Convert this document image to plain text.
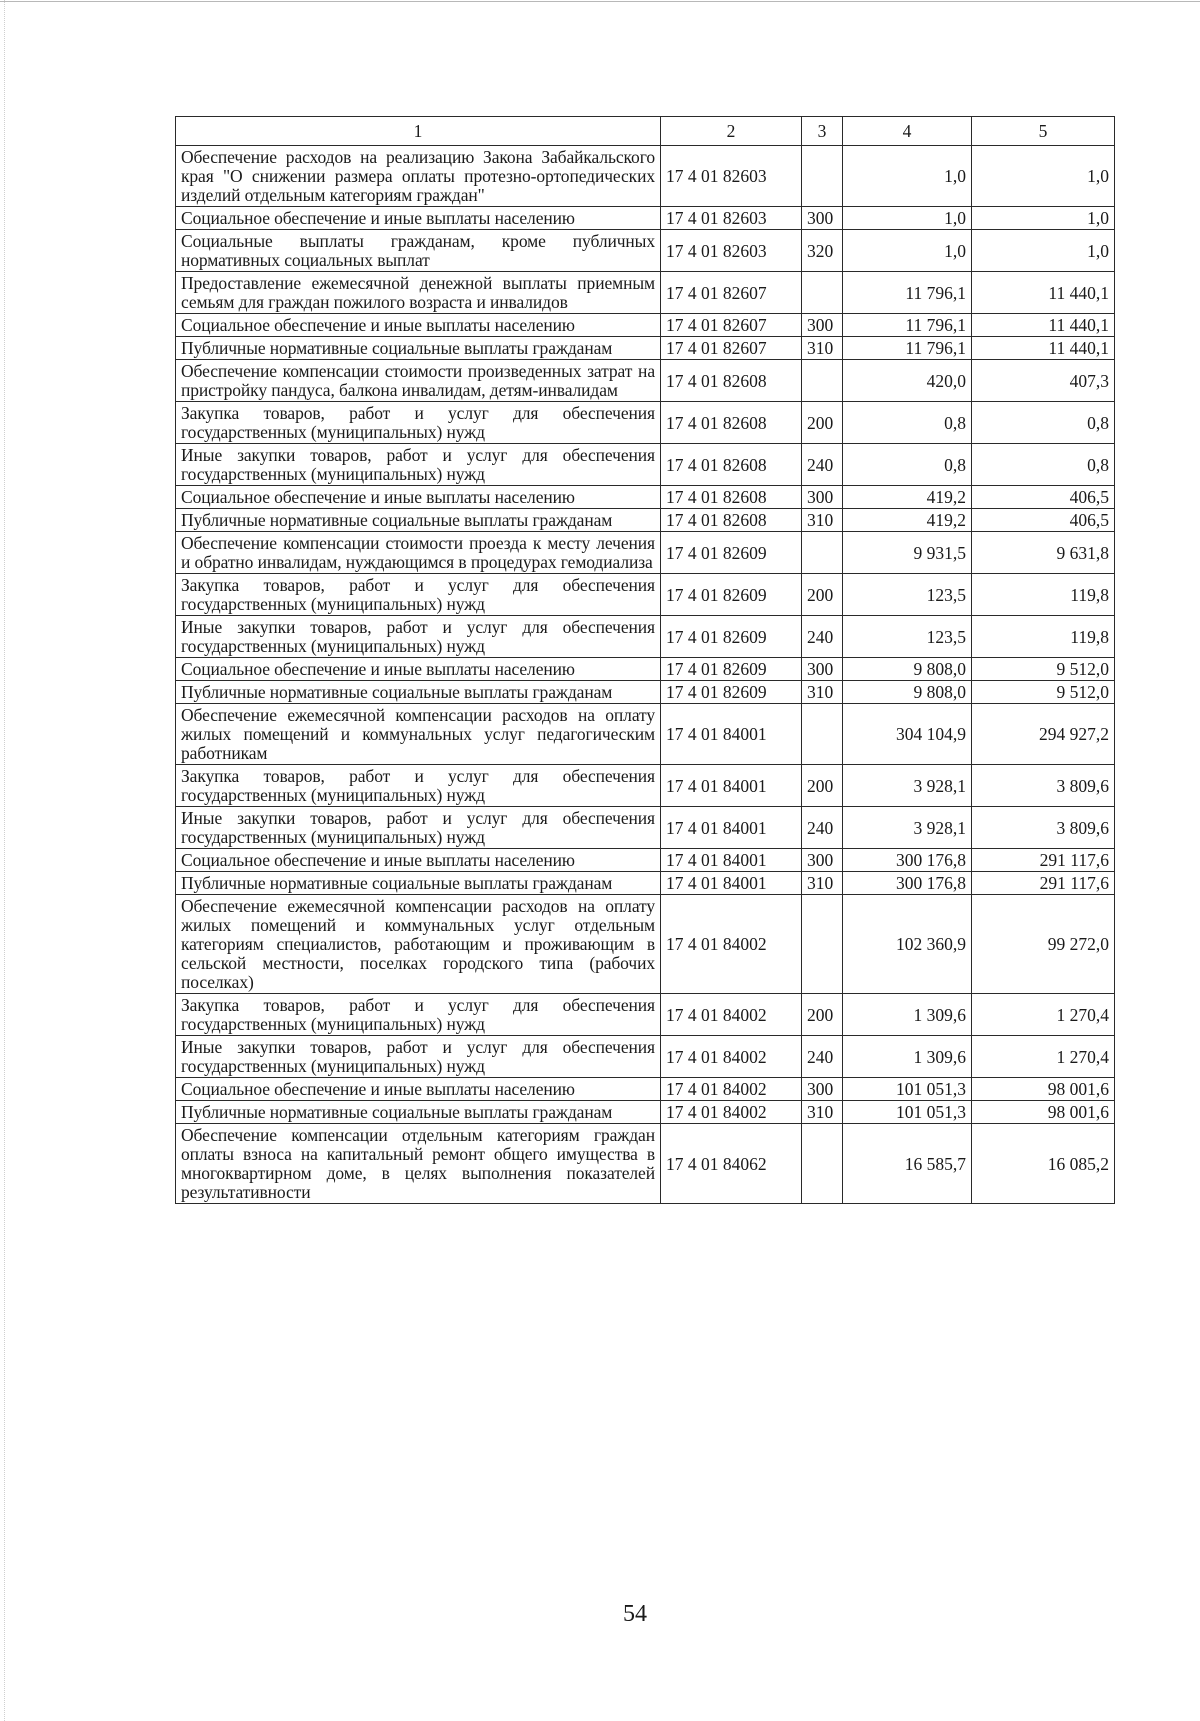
1	2	3	4	5
Обеспечение расходов на реализацию Закона Забайкальского края "О снижении размера оплаты протезно-ортопедических изделий отдельным категориям граждан"	17 4 01 82603		1,0	1,0
Социальное обеспечение и иные выплаты населению	17 4 01 82603	300	1,0	1,0
Социальные выплаты гражданам, кроме публичных нормативных социальных выплат	17 4 01 82603	320	1,0	1,0
Предоставление ежемесячной денежной выплаты приемным семьям для граждан пожилого возраста и инвалидов	17 4 01 82607		11 796,1	11 440,1
Социальное обеспечение и иные выплаты населению	17 4 01 82607	300	11 796,1	11 440,1
Публичные нормативные социальные выплаты гражданам	17 4 01 82607	310	11 796,1	11 440,1
Обеспечение компенсации стоимости произведенных затрат на пристройку пандуса, балкона инвалидам, детям-инвалидам	17 4 01 82608		420,0	407,3
Закупка товаров, работ и услуг для обеспечения государственных (муниципальных) нужд	17 4 01 82608	200	0,8	0,8
Иные закупки товаров, работ и услуг для обеспечения государственных (муниципальных) нужд	17 4 01 82608	240	0,8	0,8
Социальное обеспечение и иные выплаты населению	17 4 01 82608	300	419,2	406,5
Публичные нормативные социальные выплаты гражданам	17 4 01 82608	310	419,2	406,5
Обеспечение компенсации стоимости проезда к месту лечения и обратно инвалидам, нуждающимся в процедурах гемодиализа	17 4 01 82609		9 931,5	9 631,8
Закупка товаров, работ и услуг для обеспечения государственных (муниципальных) нужд	17 4 01 82609	200	123,5	119,8
Иные закупки товаров, работ и услуг для обеспечения государственных (муниципальных) нужд	17 4 01 82609	240	123,5	119,8
Социальное обеспечение и иные выплаты населению	17 4 01 82609	300	9 808,0	9 512,0
Публичные нормативные социальные выплаты гражданам	17 4 01 82609	310	9 808,0	9 512,0
Обеспечение ежемесячной компенсации расходов на оплату жилых помещений и коммунальных услуг педагогическим работникам	17 4 01 84001		304 104,9	294 927,2
Закупка товаров, работ и услуг для обеспечения государственных (муниципальных) нужд	17 4 01 84001	200	3 928,1	3 809,6
Иные закупки товаров, работ и услуг для обеспечения государственных (муниципальных) нужд	17 4 01 84001	240	3 928,1	3 809,6
Социальное обеспечение и иные выплаты населению	17 4 01 84001	300	300 176,8	291 117,6
Публичные нормативные социальные выплаты гражданам	17 4 01 84001	310	300 176,8	291 117,6
Обеспечение ежемесячной компенсации расходов на оплату жилых помещений и коммунальных услуг отдельным категориям специалистов, работающим и проживающим в сельской местности, поселках городского типа (рабочих поселках)	17 4 01 84002		102 360,9	99 272,0
Закупка товаров, работ и услуг для обеспечения государственных (муниципальных) нужд	17 4 01 84002	200	1 309,6	1 270,4
Иные закупки товаров, работ и услуг для обеспечения государственных (муниципальных) нужд	17 4 01 84002	240	1 309,6	1 270,4
Социальное обеспечение и иные выплаты населению	17 4 01 84002	300	101 051,3	98 001,6
Публичные нормативные социальные выплаты гражданам	17 4 01 84002	310	101 051,3	98 001,6
Обеспечение компенсации отдельным категориям граждан оплаты взноса на капитальный ремонт общего имущества в многоквартирном доме, в целях выполнения показателей результативности	17 4 01 84062		16 585,7	16 085,2
54
